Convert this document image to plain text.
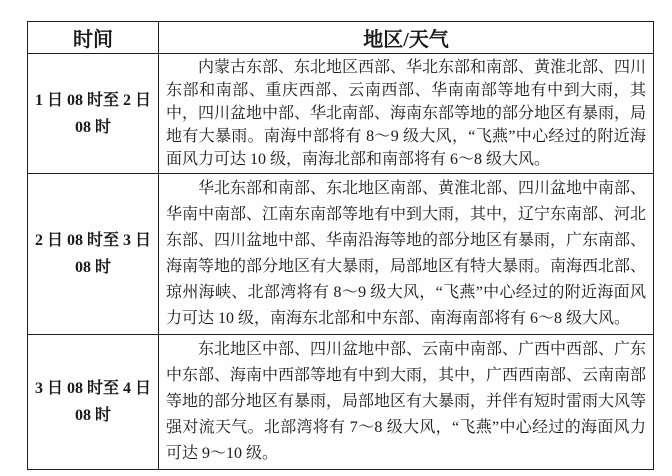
时间	地区/天气

1 日 08 时至 2 日
08 时	内蒙古东部、东北地区西部、华北东部和南部、黄淮北部、四川东部和南部、重庆西部、云南西部、华南南部等地有中到大雨，其中，四川盆地中部、华北南部、海南东部等地的部分地区有暴雨，局地有大暴雨。南海中部将有 8～9 级大风，“飞燕”中心经过的附近海面风力可达 10 级，南海北部和南部将有 6～8 级大风。

2 日 08 时至 3 日
08 时	华北东部和南部、东北地区南部、黄淮北部、四川盆地中南部、华南中南部、江南东南部等地有中到大雨，其中，辽宁东南部、河北东部、四川盆地中部、华南沿海等地的部分地区有暴雨，广东南部、海南等地的部分地区有大暴雨，局部地区有特大暴雨。南海西北部、琼州海峡、北部湾将有 8～9 级大风，“飞燕”中心经过的附近海面风力可达 10 级，南海东北部和中东部、南海南部将有 6～8 级大风。

3 日 08 时至 4 日
08 时	东北地区中部、四川盆地中部、云南中南部、广西中西部、广东中东部、海南中西部等地有中到大雨，其中，广西西南部、云南南部等地的部分地区有暴雨，局部地区有大暴雨，并伴有短时雷雨大风等强对流天气。北部湾将有 7～8 级大风，“飞燕”中心经过的海面风力可达 9～10 级。
